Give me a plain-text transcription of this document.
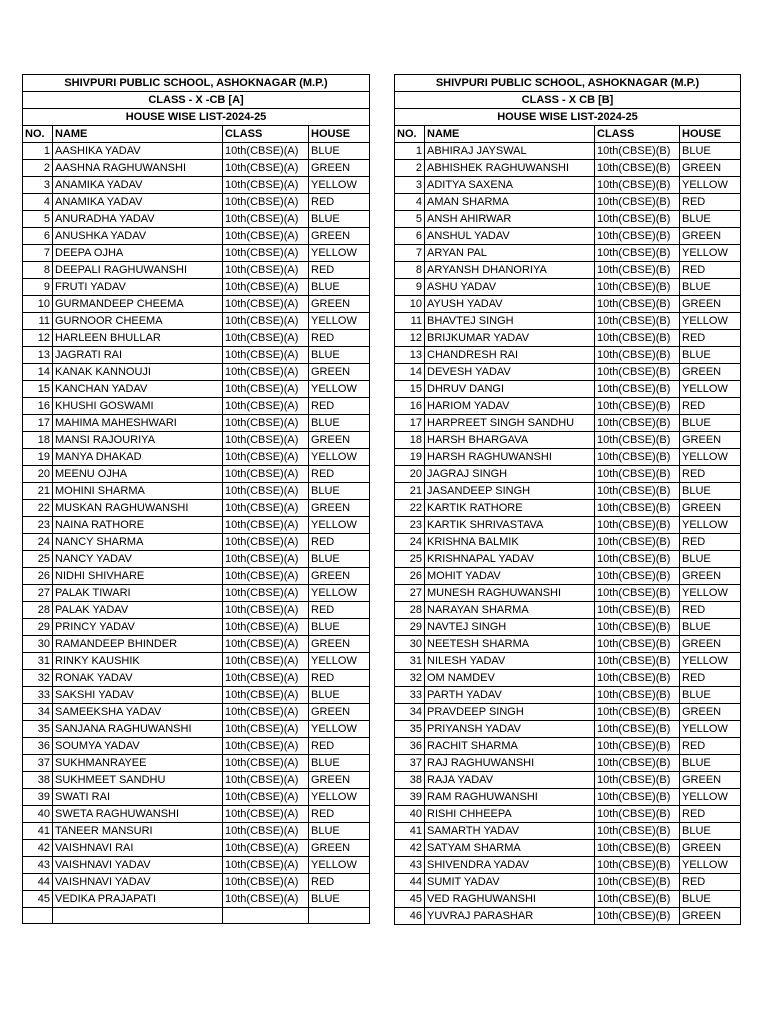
SHIVPURI PUBLIC SCHOOL, ASHOKNAGAR (M.P.)			
CLASS - X -CB [A]			
HOUSE WISE LIST-2024-25			
NO.	NAME	CLASS	HOUSE
1	AASHIKA YADAV	10th(CBSE)(A)	BLUE
2	AASHNA RAGHUWANSHI	10th(CBSE)(A)	GREEN
3	ANAMIKA YADAV	10th(CBSE)(A)	YELLOW
4	ANAMIKA YADAV	10th(CBSE)(A)	RED
5	ANURADHA YADAV	10th(CBSE)(A)	BLUE
6	ANUSHKA YADAV	10th(CBSE)(A)	GREEN
7	DEEPA OJHA	10th(CBSE)(A)	YELLOW
8	DEEPALI RAGHUWANSHI	10th(CBSE)(A)	RED
9	FRUTI YADAV	10th(CBSE)(A)	BLUE
10	GURMANDEEP CHEEMA	10th(CBSE)(A)	GREEN
11	GURNOOR CHEEMA	10th(CBSE)(A)	YELLOW
12	HARLEEN BHULLAR	10th(CBSE)(A)	RED
13	JAGRATI RAI	10th(CBSE)(A)	BLUE
14	KANAK KANNOUJI	10th(CBSE)(A)	GREEN
15	KANCHAN YADAV	10th(CBSE)(A)	YELLOW
16	KHUSHI GOSWAMI	10th(CBSE)(A)	RED
17	MAHIMA MAHESHWARI	10th(CBSE)(A)	BLUE
18	MANSI RAJOURIYA	10th(CBSE)(A)	GREEN
19	MANYA DHAKAD	10th(CBSE)(A)	YELLOW
20	MEENU OJHA	10th(CBSE)(A)	RED
21	MOHINI SHARMA	10th(CBSE)(A)	BLUE
22	MUSKAN RAGHUWANSHI	10th(CBSE)(A)	GREEN
23	NAINA RATHORE	10th(CBSE)(A)	YELLOW
24	NANCY SHARMA	10th(CBSE)(A)	RED
25	NANCY YADAV	10th(CBSE)(A)	BLUE
26	NIDHI SHIVHARE	10th(CBSE)(A)	GREEN
27	PALAK TIWARI	10th(CBSE)(A)	YELLOW
28	PALAK YADAV	10th(CBSE)(A)	RED
29	PRINCY YADAV	10th(CBSE)(A)	BLUE
30	RAMANDEEP BHINDER	10th(CBSE)(A)	GREEN
31	RINKY KAUSHIK	10th(CBSE)(A)	YELLOW
32	RONAK YADAV	10th(CBSE)(A)	RED
33	SAKSHI YADAV	10th(CBSE)(A)	BLUE
34	SAMEEKSHA YADAV	10th(CBSE)(A)	GREEN
35	SANJANA RAGHUWANSHI	10th(CBSE)(A)	YELLOW
36	SOUMYA YADAV	10th(CBSE)(A)	RED
37	SUKHMANRAYEE	10th(CBSE)(A)	BLUE
38	SUKHMEET SANDHU	10th(CBSE)(A)	GREEN
39	SWATI RAI	10th(CBSE)(A)	YELLOW
40	SWETA RAGHUWANSHI	10th(CBSE)(A)	RED
41	TANEER MANSURI	10th(CBSE)(A)	BLUE
42	VAISHNAVI RAI	10th(CBSE)(A)	GREEN
43	VAISHNAVI YADAV	10th(CBSE)(A)	YELLOW
44	VAISHNAVI YADAV	10th(CBSE)(A)	RED
45	VEDIKA PRAJAPATI	10th(CBSE)(A)	BLUE

SHIVPURI PUBLIC SCHOOL, ASHOKNAGAR (M.P.)			
CLASS - X CB [B]			
HOUSE WISE LIST-2024-25			
NO.	NAME	CLASS	HOUSE
1	ABHIRAJ JAYSWAL	10th(CBSE)(B)	BLUE
2	ABHISHEK RAGHUWANSHI	10th(CBSE)(B)	GREEN
3	ADITYA SAXENA	10th(CBSE)(B)	YELLOW
4	AMAN SHARMA	10th(CBSE)(B)	RED
5	ANSH AHIRWAR	10th(CBSE)(B)	BLUE
6	ANSHUL YADAV	10th(CBSE)(B)	GREEN
7	ARYAN PAL	10th(CBSE)(B)	YELLOW
8	ARYANSH DHANORIYA	10th(CBSE)(B)	RED
9	ASHU YADAV	10th(CBSE)(B)	BLUE
10	AYUSH YADAV	10th(CBSE)(B)	GREEN
11	BHAVTEJ SINGH	10th(CBSE)(B)	YELLOW
12	BRIJKUMAR YADAV	10th(CBSE)(B)	RED
13	CHANDRESH RAI	10th(CBSE)(B)	BLUE
14	DEVESH YADAV	10th(CBSE)(B)	GREEN
15	DHRUV DANGI	10th(CBSE)(B)	YELLOW
16	HARIOM YADAV	10th(CBSE)(B)	RED
17	HARPREET SINGH SANDHU	10th(CBSE)(B)	BLUE
18	HARSH BHARGAVA	10th(CBSE)(B)	GREEN
19	HARSH RAGHUWANSHI	10th(CBSE)(B)	YELLOW
20	JAGRAJ SINGH	10th(CBSE)(B)	RED
21	JASANDEEP SINGH	10th(CBSE)(B)	BLUE
22	KARTIK RATHORE	10th(CBSE)(B)	GREEN
23	KARTIK SHRIVASTAVA	10th(CBSE)(B)	YELLOW
24	KRISHNA BALMIK	10th(CBSE)(B)	RED
25	KRISHNAPAL YADAV	10th(CBSE)(B)	BLUE
26	MOHIT YADAV	10th(CBSE)(B)	GREEN
27	MUNESH RAGHUWANSHI	10th(CBSE)(B)	YELLOW
28	NARAYAN SHARMA	10th(CBSE)(B)	RED
29	NAVTEJ SINGH	10th(CBSE)(B)	BLUE
30	NEETESH SHARMA	10th(CBSE)(B)	GREEN
31	NILESH YADAV	10th(CBSE)(B)	YELLOW
32	OM NAMDEV	10th(CBSE)(B)	RED
33	PARTH YADAV	10th(CBSE)(B)	BLUE
34	PRAVDEEP SINGH	10th(CBSE)(B)	GREEN
35	PRIYANSH YADAV	10th(CBSE)(B)	YELLOW
36	RACHIT SHARMA	10th(CBSE)(B)	RED
37	RAJ RAGHUWANSHI	10th(CBSE)(B)	BLUE
38	RAJA YADAV	10th(CBSE)(B)	GREEN
39	RAM RAGHUWANSHI	10th(CBSE)(B)	YELLOW
40	RISHI CHHEEPA	10th(CBSE)(B)	RED
41	SAMARTH YADAV	10th(CBSE)(B)	BLUE
42	SATYAM SHARMA	10th(CBSE)(B)	GREEN
43	SHIVENDRA YADAV	10th(CBSE)(B)	YELLOW
44	SUMIT YADAV	10th(CBSE)(B)	RED
45	VED RAGHUWANSHI	10th(CBSE)(B)	BLUE
46	YUVRAJ PARASHAR	10th(CBSE)(B)	GREEN
